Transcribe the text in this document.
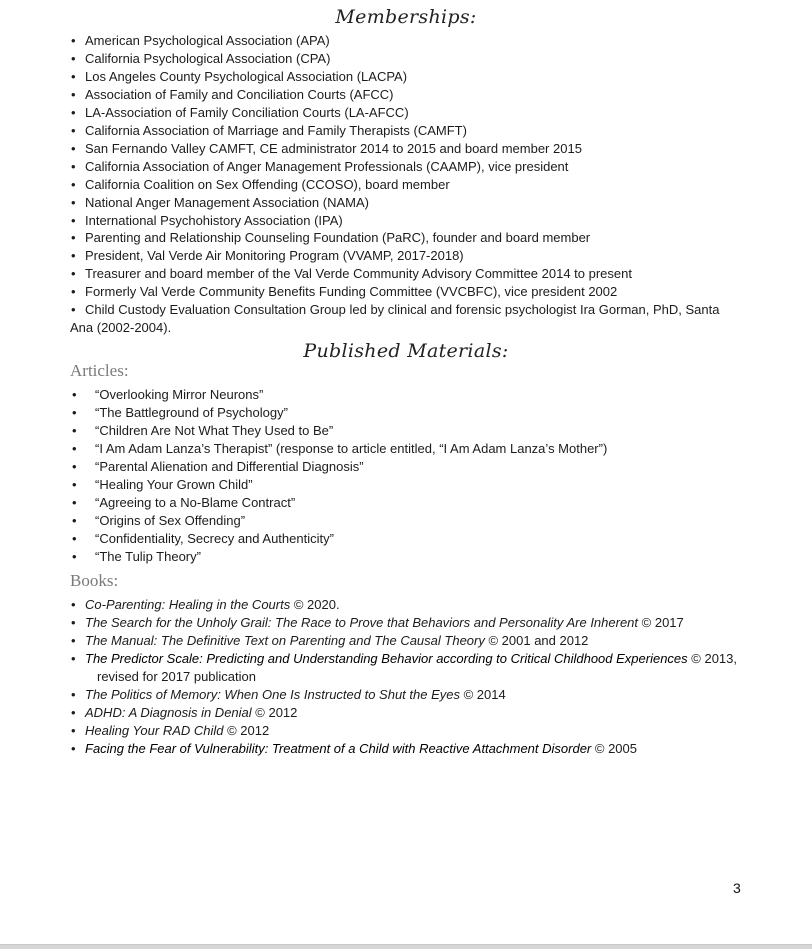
Memberships:
• American Psychological Association (APA)
• California Psychological Association (CPA)
• Los Angeles County Psychological Association (LACPA)
• Association of Family and Conciliation Courts (AFCC)
• LA-Association of Family Conciliation Courts (LA-AFCC)
• California Association of Marriage and Family Therapists (CAMFT)
• San Fernando Valley CAMFT, CE administrator 2014 to 2015 and board member 2015
• California Association of Anger Management Professionals (CAAMP), vice president
• California Coalition on Sex Offending (CCOSO), board member
• National Anger Management Association (NAMA)
• International Psychohistory Association (IPA)
• Parenting and Relationship Counseling Foundation (PaRC), founder and board member
• President, Val Verde Air Monitoring Program (VVAMP, 2017-2018)
• Treasurer and board member of the Val Verde Community Advisory Committee 2014 to present
• Formerly Val Verde Community Benefits Funding Committee (VVCBFC), vice president 2002
• Child Custody Evaluation Consultation Group led by clinical and forensic psychologist Ira Gorman, PhD, Santa
Ana (2002-2004).
Published Materials:
Articles:
• “Overlooking Mirror Neurons”
• “The Battleground of Psychology”
• “Children Are Not What They Used to Be”
• “I Am Adam Lanza’s Therapist” (response to article entitled, “I Am Adam Lanza’s Mother”)
• “Parental Alienation and Differential Diagnosis”
• “Healing Your Grown Child”
• “Agreeing to a No-Blame Contract”
• “Origins of Sex Offending”
• “Confidentiality, Secrecy and Authenticity”
• “The Tulip Theory”
Books:
• Co-Parenting: Healing in the Courts © 2020.
• The Search for the Unholy Grail: The Race to Prove that Behaviors and Personality Are Inherent © 2017
• The Manual: The Definitive Text on Parenting and The Causal Theory © 2001 and 2012
• The Predictor Scale: Predicting and Understanding Behavior according to Critical Childhood Experiences © 2013,
revised for 2017 publication
• The Politics of Memory: When One Is Instructed to Shut the Eyes © 2014
• ADHD: A Diagnosis in Denial © 2012
• Healing Your RAD Child © 2012
• Facing the Fear of Vulnerability: Treatment of a Child with Reactive Attachment Disorder © 2005
3
